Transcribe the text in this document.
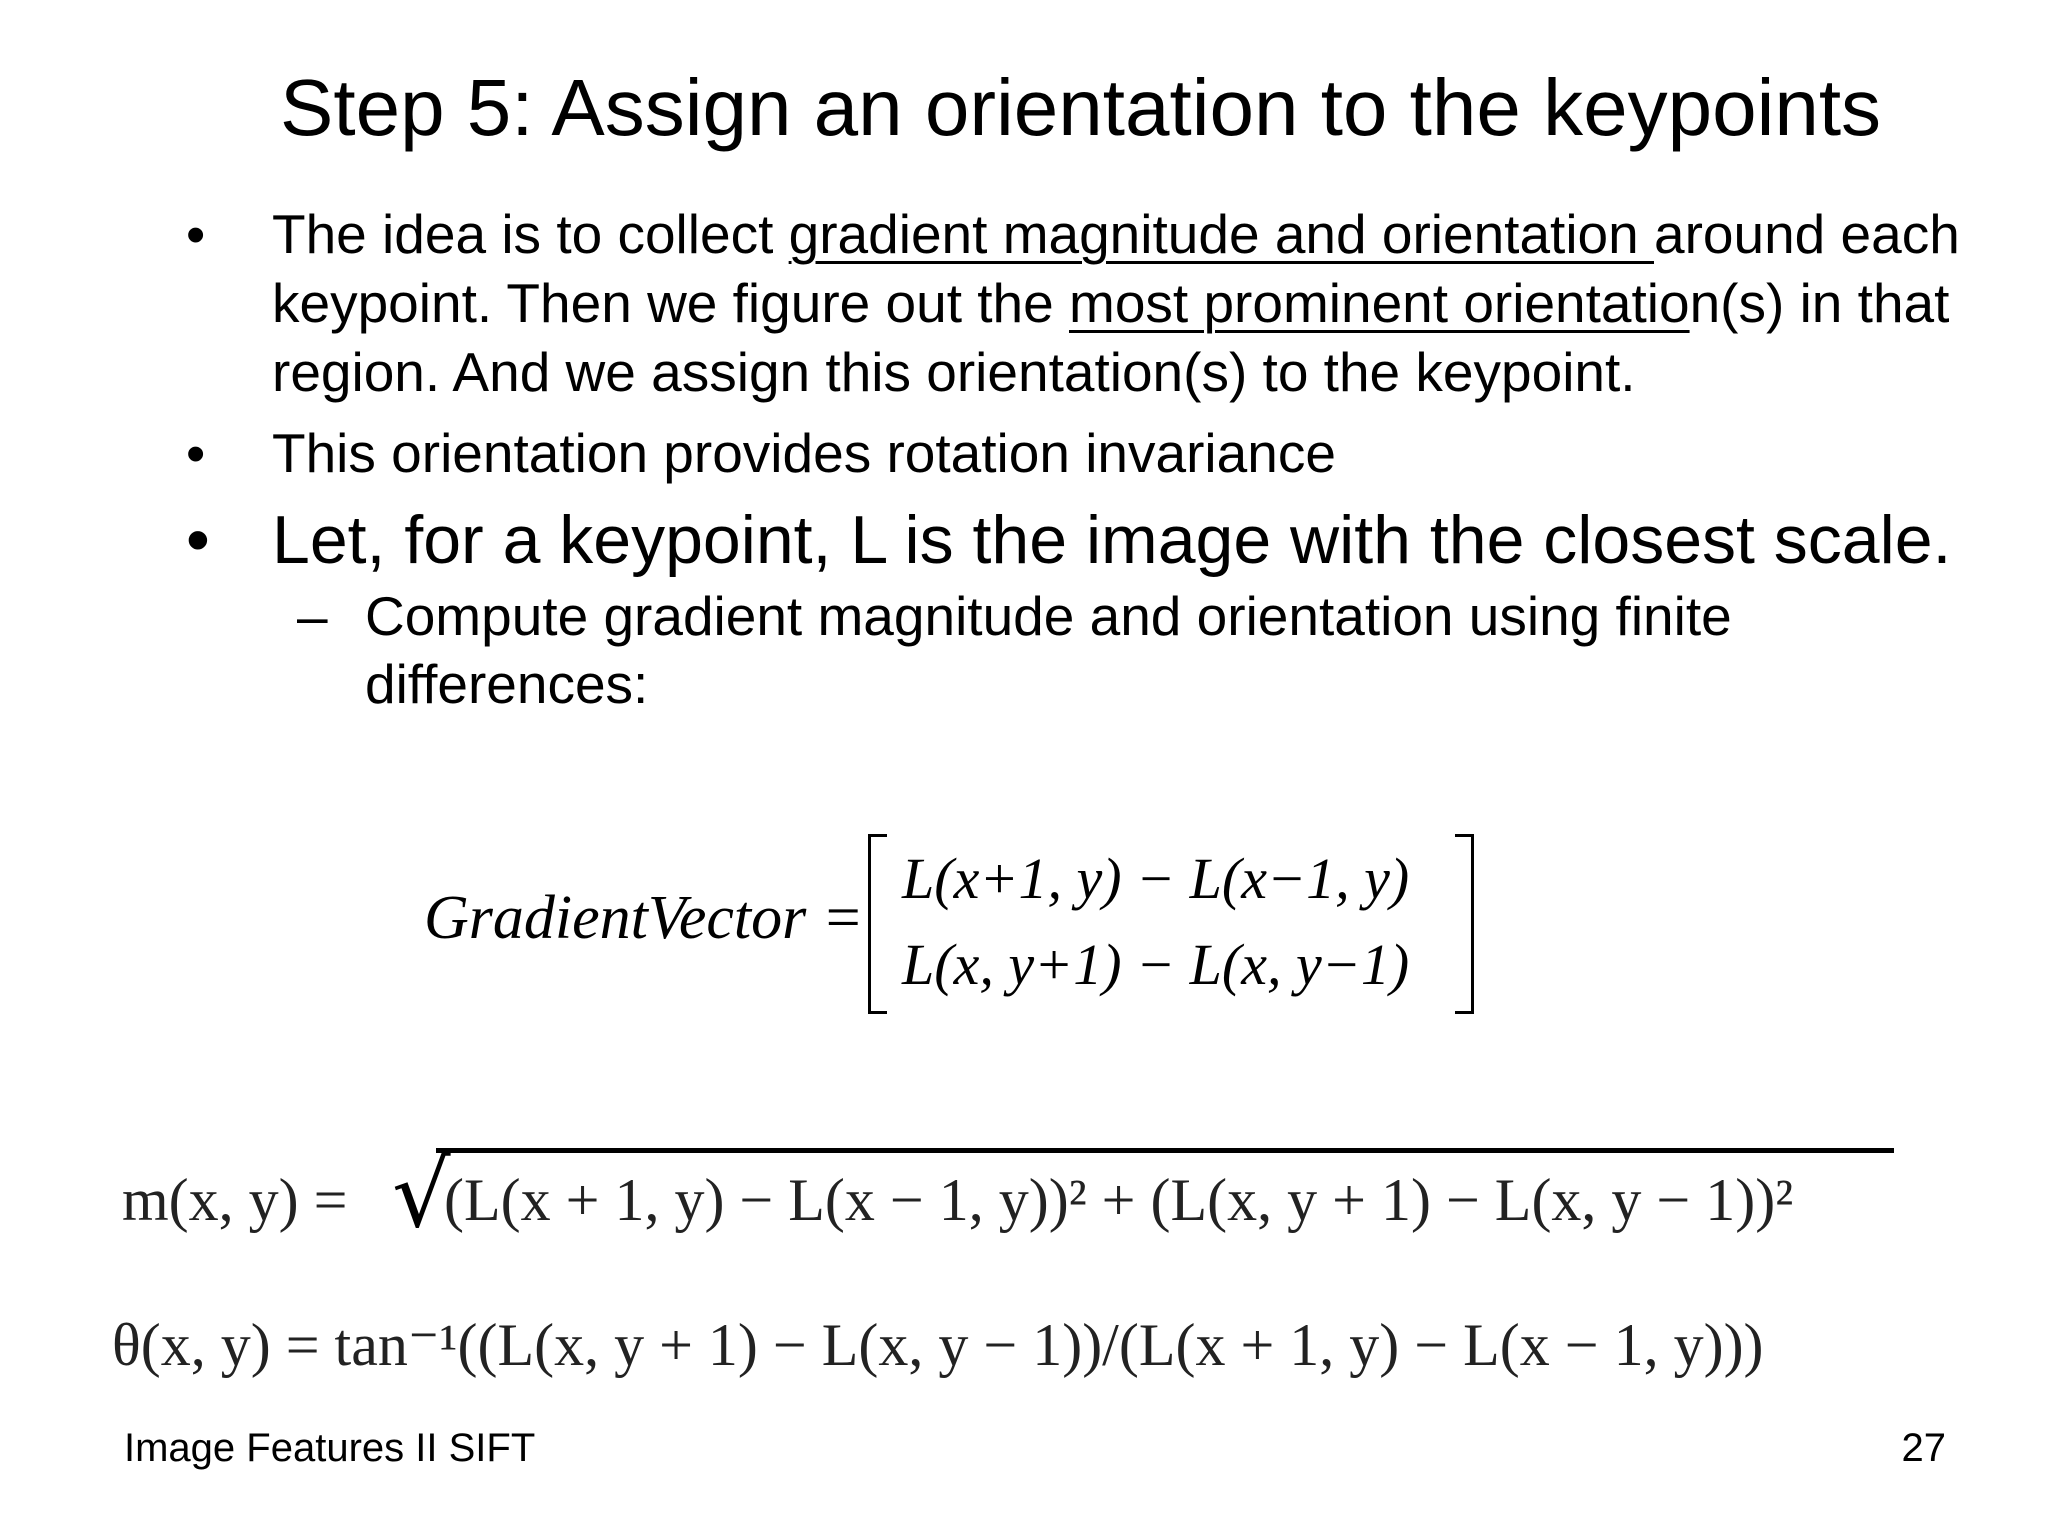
Step 5: Assign an orientation to the keypoints
•	The idea is to collect gradient magnitude and orientation around each keypoint. Then we figure out the most prominent orientation(s) in that region. And we assign this orientation(s) to the keypoint.
•	This orientation provides rotation invariance
• Let, for a keypoint, L is the image with the closest scale.
– Compute gradient magnitude and orientation using finite differences:
GradientVector =
L(x+1, y) − L(x−1, y)
L(x, y+1) − L(x, y−1)
m(x, y) = √
(L(x + 1, y) − L(x − 1, y))² + (L(x, y + 1) − L(x, y − 1))²
θ(x, y) = tan⁻¹((L(x, y + 1) − L(x, y − 1))/(L(x + 1, y) − L(x − 1, y)))
Image Features II SIFT	27
